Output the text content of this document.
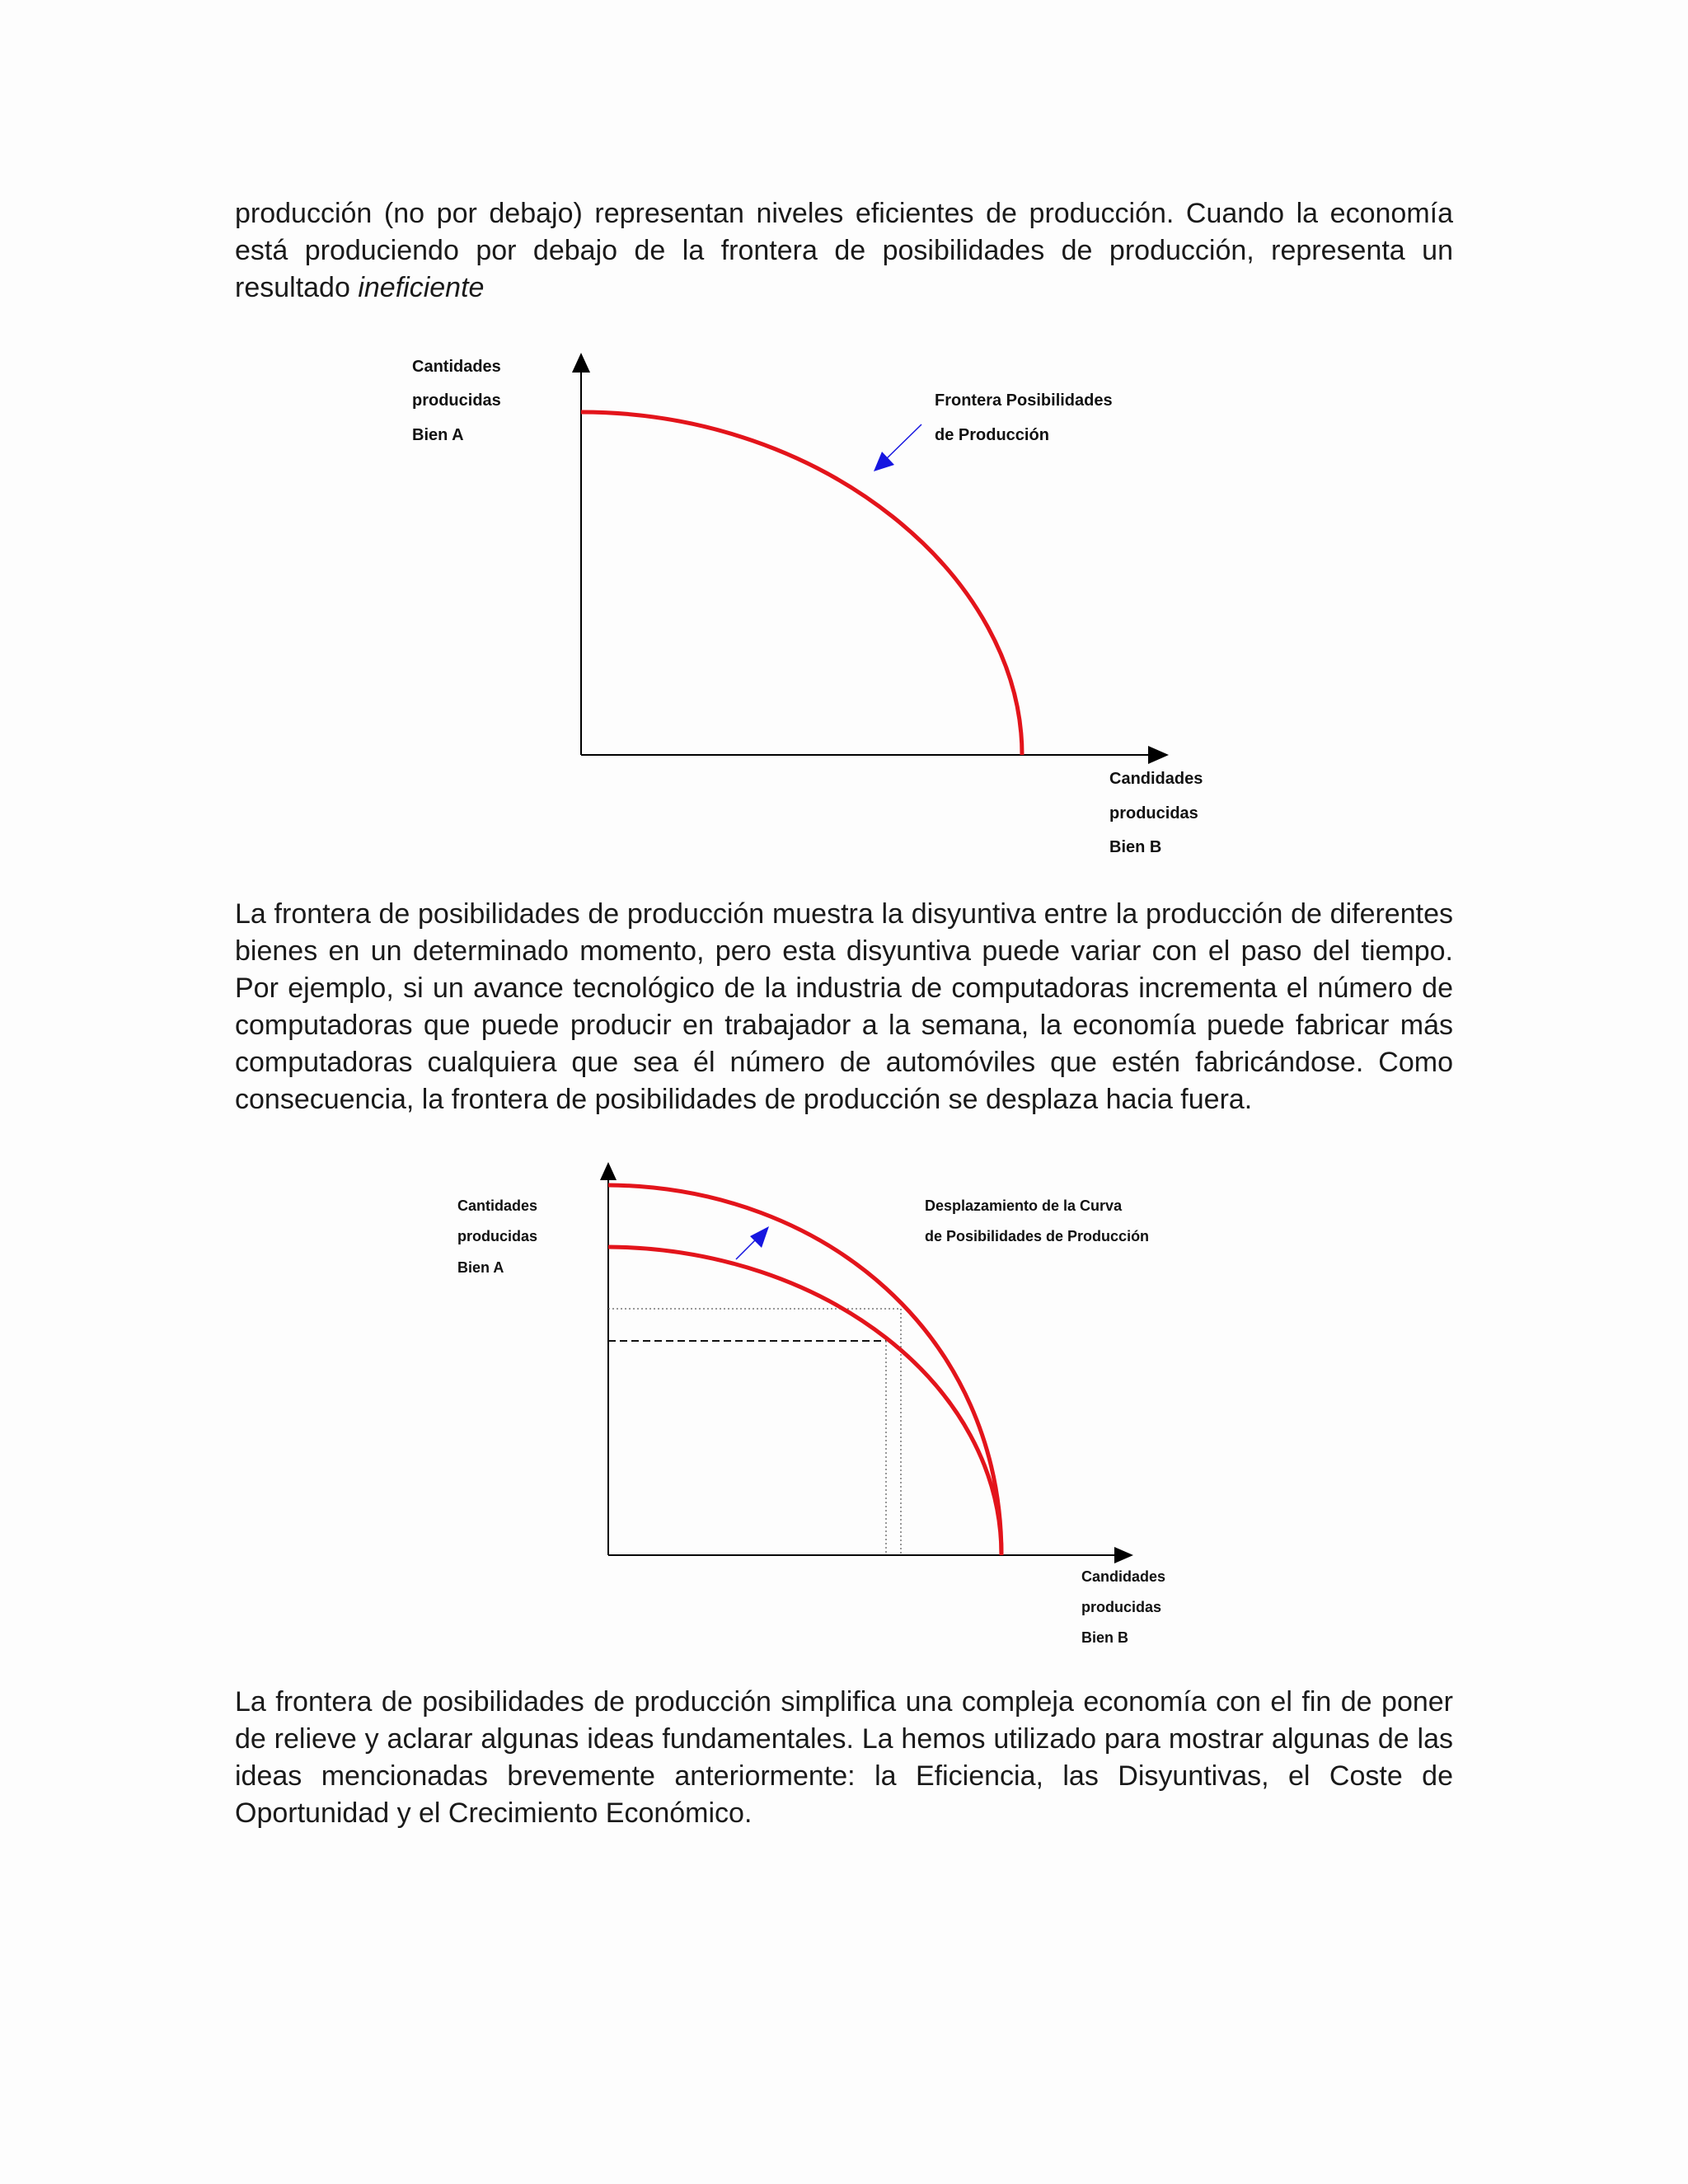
producción (no por debajo) representan niveles eficientes de producción. Cuando la economía está produciendo por debajo de la frontera de posibilidades de producción, representa un resultado ineficiente

Cantidades
producidas
Bien A
Frontera Posibilidades
de Producción
Candidades
producidas
Bien B

La frontera de posibilidades de producción muestra la disyuntiva entre la producción de diferentes bienes en un determinado momento, pero esta disyuntiva puede variar con el paso del tiempo. Por ejemplo, si un avance tecnológico de la industria de computadoras incrementa el número de computadoras que puede producir en trabajador a la semana, la economía puede fabricar más computadoras cualquiera que sea él número de automóviles que estén fabricándose. Como consecuencia, la frontera de posibilidades de producción se desplaza hacia fuera.

Cantidades
producidas
Bien A
Desplazamiento de la Curva
de Posibilidades de Producción
Candidades
producidas
Bien B

La frontera de posibilidades de producción simplifica una compleja economía con el fin de poner de relieve y aclarar algunas ideas fundamentales. La hemos utilizado para mostrar algunas de las ideas mencionadas brevemente anteriormente: la Eficiencia, las Disyuntivas, el Coste de Oportunidad y el Crecimiento Económico.
